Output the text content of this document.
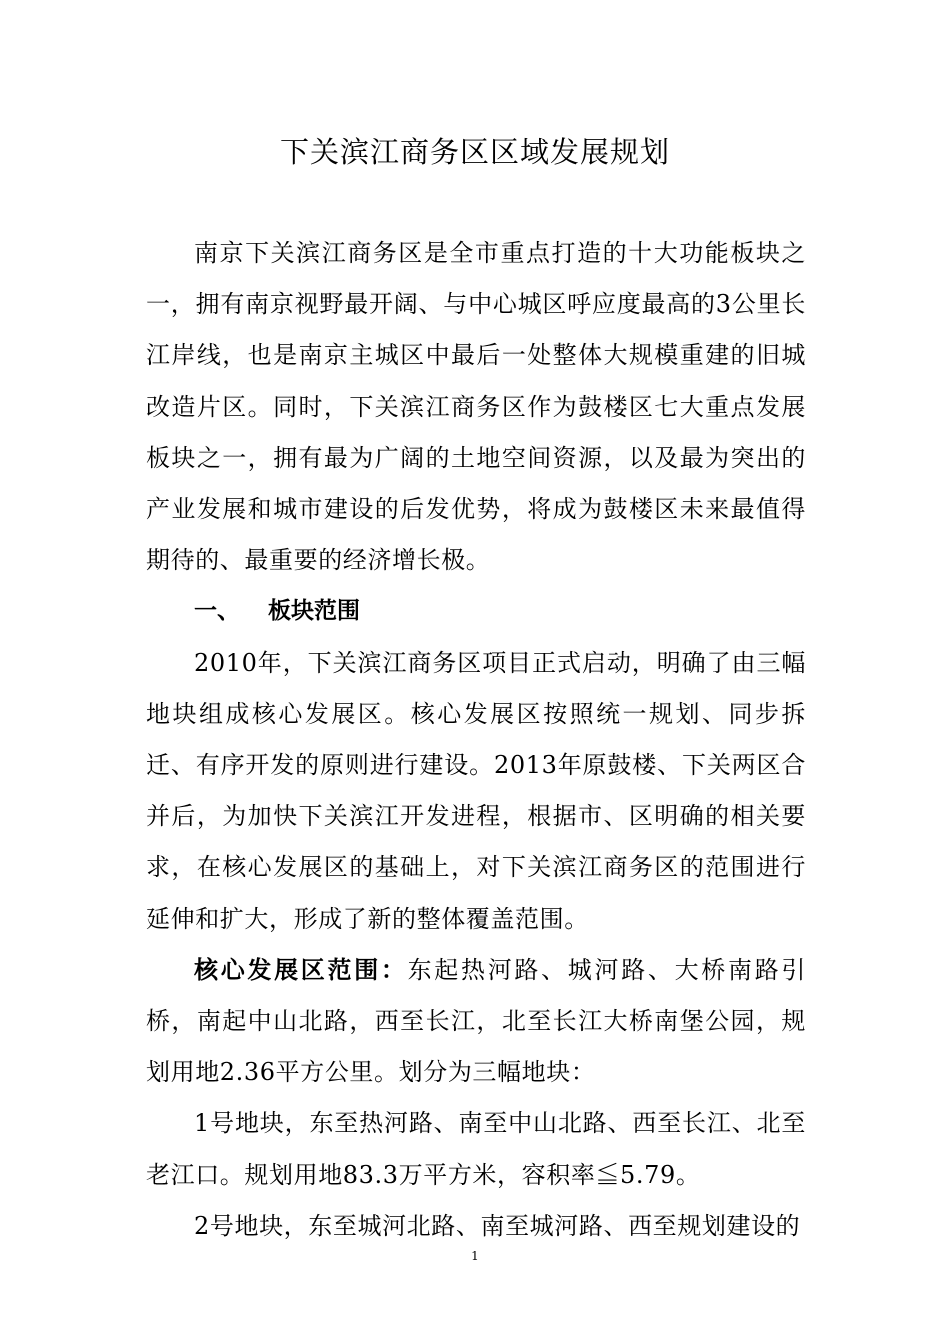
下关滨江商务区区域发展规划

南京下关滨江商务区是全市重点打造的十大功能板块之一，拥有南京视野最开阔、与中心城区呼应度最高的3公里长江岸线，也是南京主城区中最后一处整体大规模重建的旧城改造片区。同时，下关滨江商务区作为鼓楼区七大重点发展板块之一，拥有最为广阔的土地空间资源，以及最为突出的产业发展和城市建设的后发优势，将成为鼓楼区未来最值得期待的、最重要的经济增长极。

一、 板块范围

2010年，下关滨江商务区项目正式启动，明确了由三幅地块组成核心发展区。核心发展区按照统一规划、同步拆迁、有序开发的原则进行建设。2013年原鼓楼、下关两区合并后，为加快下关滨江开发进程，根据市、区明确的相关要求，在核心发展区的基础上，对下关滨江商务区的范围进行延伸和扩大，形成了新的整体覆盖范围。

核心发展区范围：东起热河路、城河路、大桥南路引桥，南起中山北路，西至长江，北至长江大桥南堡公园，规划用地2.36平方公里。划分为三幅地块：

1号地块，东至热河路、南至中山北路、西至长江、北至老江口。规划用地83.3万平方米，容积率≦5.79。

2号地块，东至城河北路、南至城河路、西至规划建设的

1
